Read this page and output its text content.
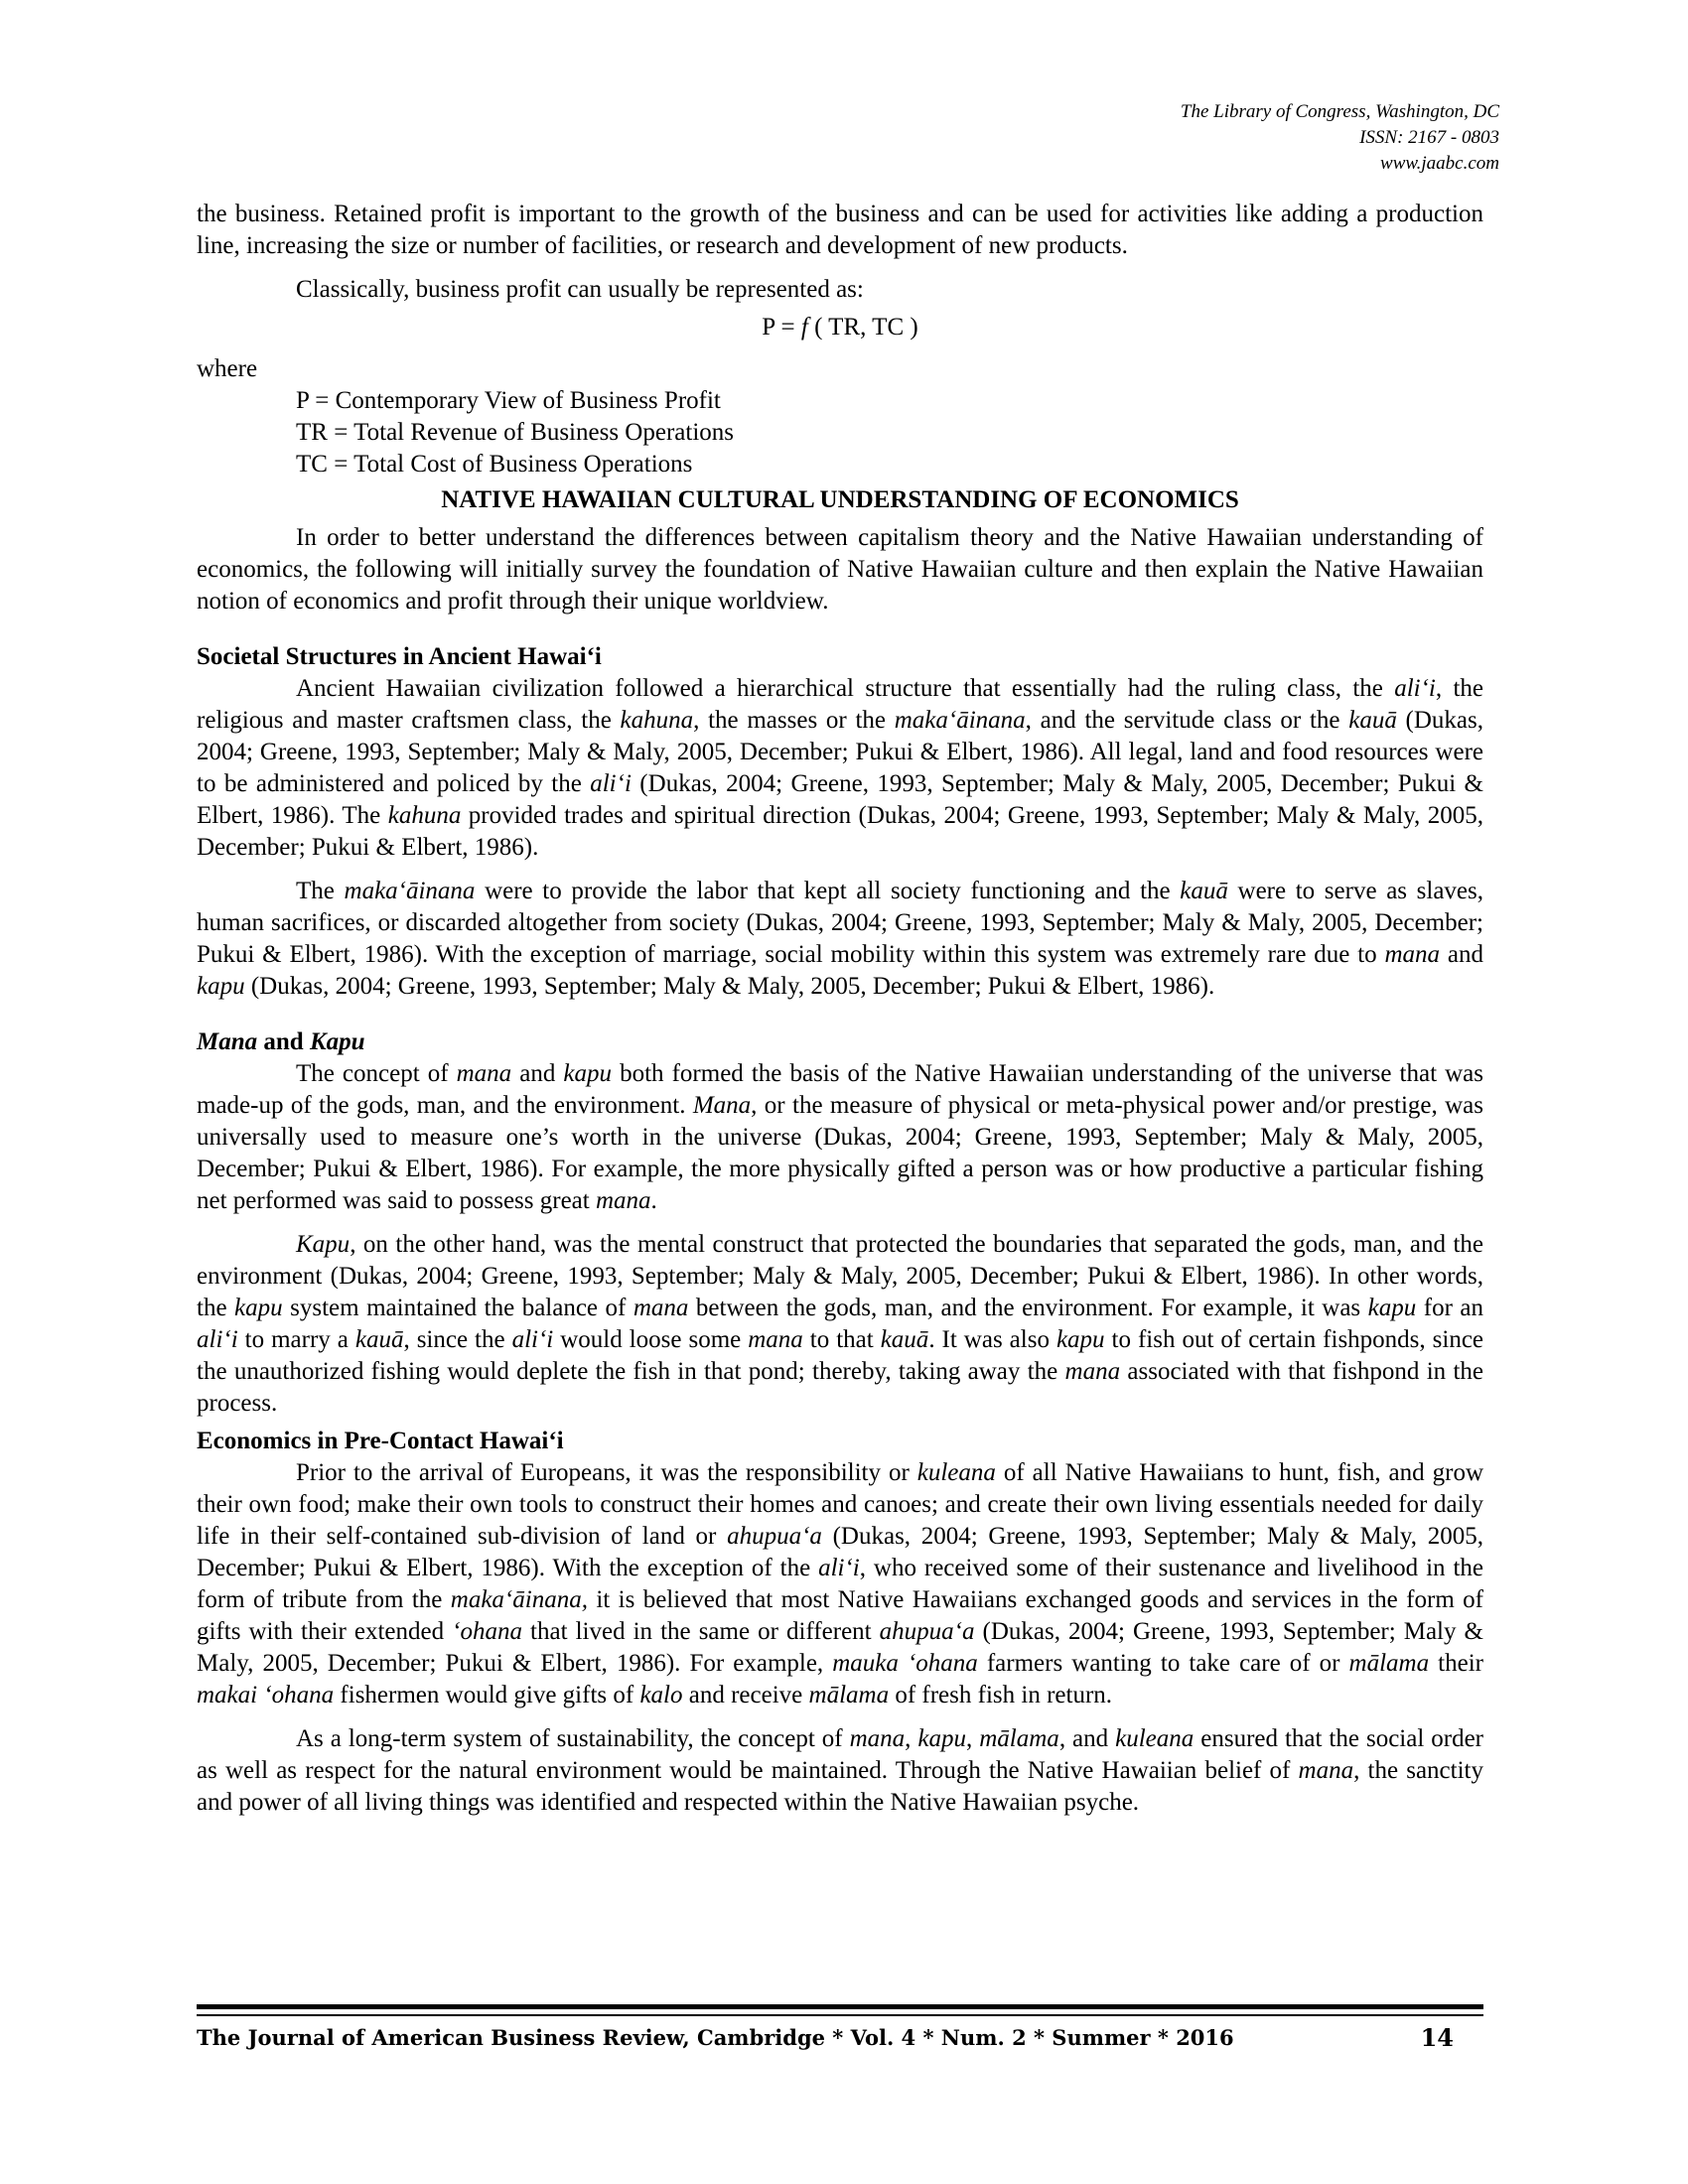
The Library of Congress, Washington, DC
ISSN: 2167 - 0803
www.jaabc.com

the business. Retained profit is important to the growth of the business and can be used for activities like adding a production line, increasing the size or number of facilities, or research and development of new products.

Classically, business profit can usually be represented as:

P = f ( TR, TC )

where

P = Contemporary View of Business Profit
TR = Total Revenue of Business Operations
TC = Total Cost of Business Operations
NATIVE HAWAIIAN CULTURAL UNDERSTANDING OF ECONOMICS

In order to better understand the differences between capitalism theory and the Native Hawaiian understanding of economics, the following will initially survey the foundation of Native Hawaiian culture and then explain the Native Hawaiian notion of economics and profit through their unique worldview.

Societal Structures in Ancient Hawaiʻi

Ancient Hawaiian civilization followed a hierarchical structure that essentially had the ruling class, the aliʻi, the religious and master craftsmen class, the kahuna, the masses or the makaʻāinana, and the servitude class or the kauā (Dukas, 2004; Greene, 1993, September; Maly & Maly, 2005, December; Pukui & Elbert, 1986). All legal, land and food resources were to be administered and policed by the aliʻi (Dukas, 2004; Greene, 1993, September; Maly & Maly, 2005, December; Pukui & Elbert, 1986). The kahuna provided trades and spiritual direction (Dukas, 2004; Greene, 1993, September; Maly & Maly, 2005, December; Pukui & Elbert, 1986).

The makaʻāinana were to provide the labor that kept all society functioning and the kauā were to serve as slaves, human sacrifices, or discarded altogether from society (Dukas, 2004; Greene, 1993, September; Maly & Maly, 2005, December; Pukui & Elbert, 1986). With the exception of marriage, social mobility within this system was extremely rare due to mana and kapu (Dukas, 2004; Greene, 1993, September; Maly & Maly, 2005, December; Pukui & Elbert, 1986).

Mana and Kapu

The concept of mana and kapu both formed the basis of the Native Hawaiian understanding of the universe that was made-up of the gods, man, and the environment. Mana, or the measure of physical or meta-physical power and/or prestige, was universally used to measure one’s worth in the universe (Dukas, 2004; Greene, 1993, September; Maly & Maly, 2005, December; Pukui & Elbert, 1986). For example, the more physically gifted a person was or how productive a particular fishing net performed was said to possess great mana.

Kapu, on the other hand, was the mental construct that protected the boundaries that separated the gods, man, and the environment (Dukas, 2004; Greene, 1993, September; Maly & Maly, 2005, December; Pukui & Elbert, 1986). In other words, the kapu system maintained the balance of mana between the gods, man, and the environment. For example, it was kapu for an aliʻi to marry a kauā, since the aliʻi would loose some mana to that kauā. It was also kapu to fish out of certain fishponds, since the unauthorized fishing would deplete the fish in that pond; thereby, taking away the mana associated with that fishpond in the process.

Economics in Pre-Contact Hawaiʻi

Prior to the arrival of Europeans, it was the responsibility or kuleana of all Native Hawaiians to hunt, fish, and grow their own food; make their own tools to construct their homes and canoes; and create their own living essentials needed for daily life in their self-contained sub-division of land or ahupuaʻa (Dukas, 2004; Greene, 1993, September; Maly & Maly, 2005, December; Pukui & Elbert, 1986). With the exception of the aliʻi, who received some of their sustenance and livelihood in the form of tribute from the makaʻāinana, it is believed that most Native Hawaiians exchanged goods and services in the form of gifts with their extended ʻohana that lived in the same or different ahupuaʻa (Dukas, 2004; Greene, 1993, September; Maly & Maly, 2005, December; Pukui & Elbert, 1986). For example, mauka ʻohana farmers wanting to take care of or mālama their makai ʻohana fishermen would give gifts of kalo and receive mālama of fresh fish in return.

As a long-term system of sustainability, the concept of mana, kapu, mālama, and kuleana ensured that the social order as well as respect for the natural environment would be maintained. Through the Native Hawaiian belief of mana, the sanctity and power of all living things was identified and respected within the Native Hawaiian psyche.

The Journal of American Business Review, Cambridge * Vol. 4 * Num. 2 * Summer * 2016	14
